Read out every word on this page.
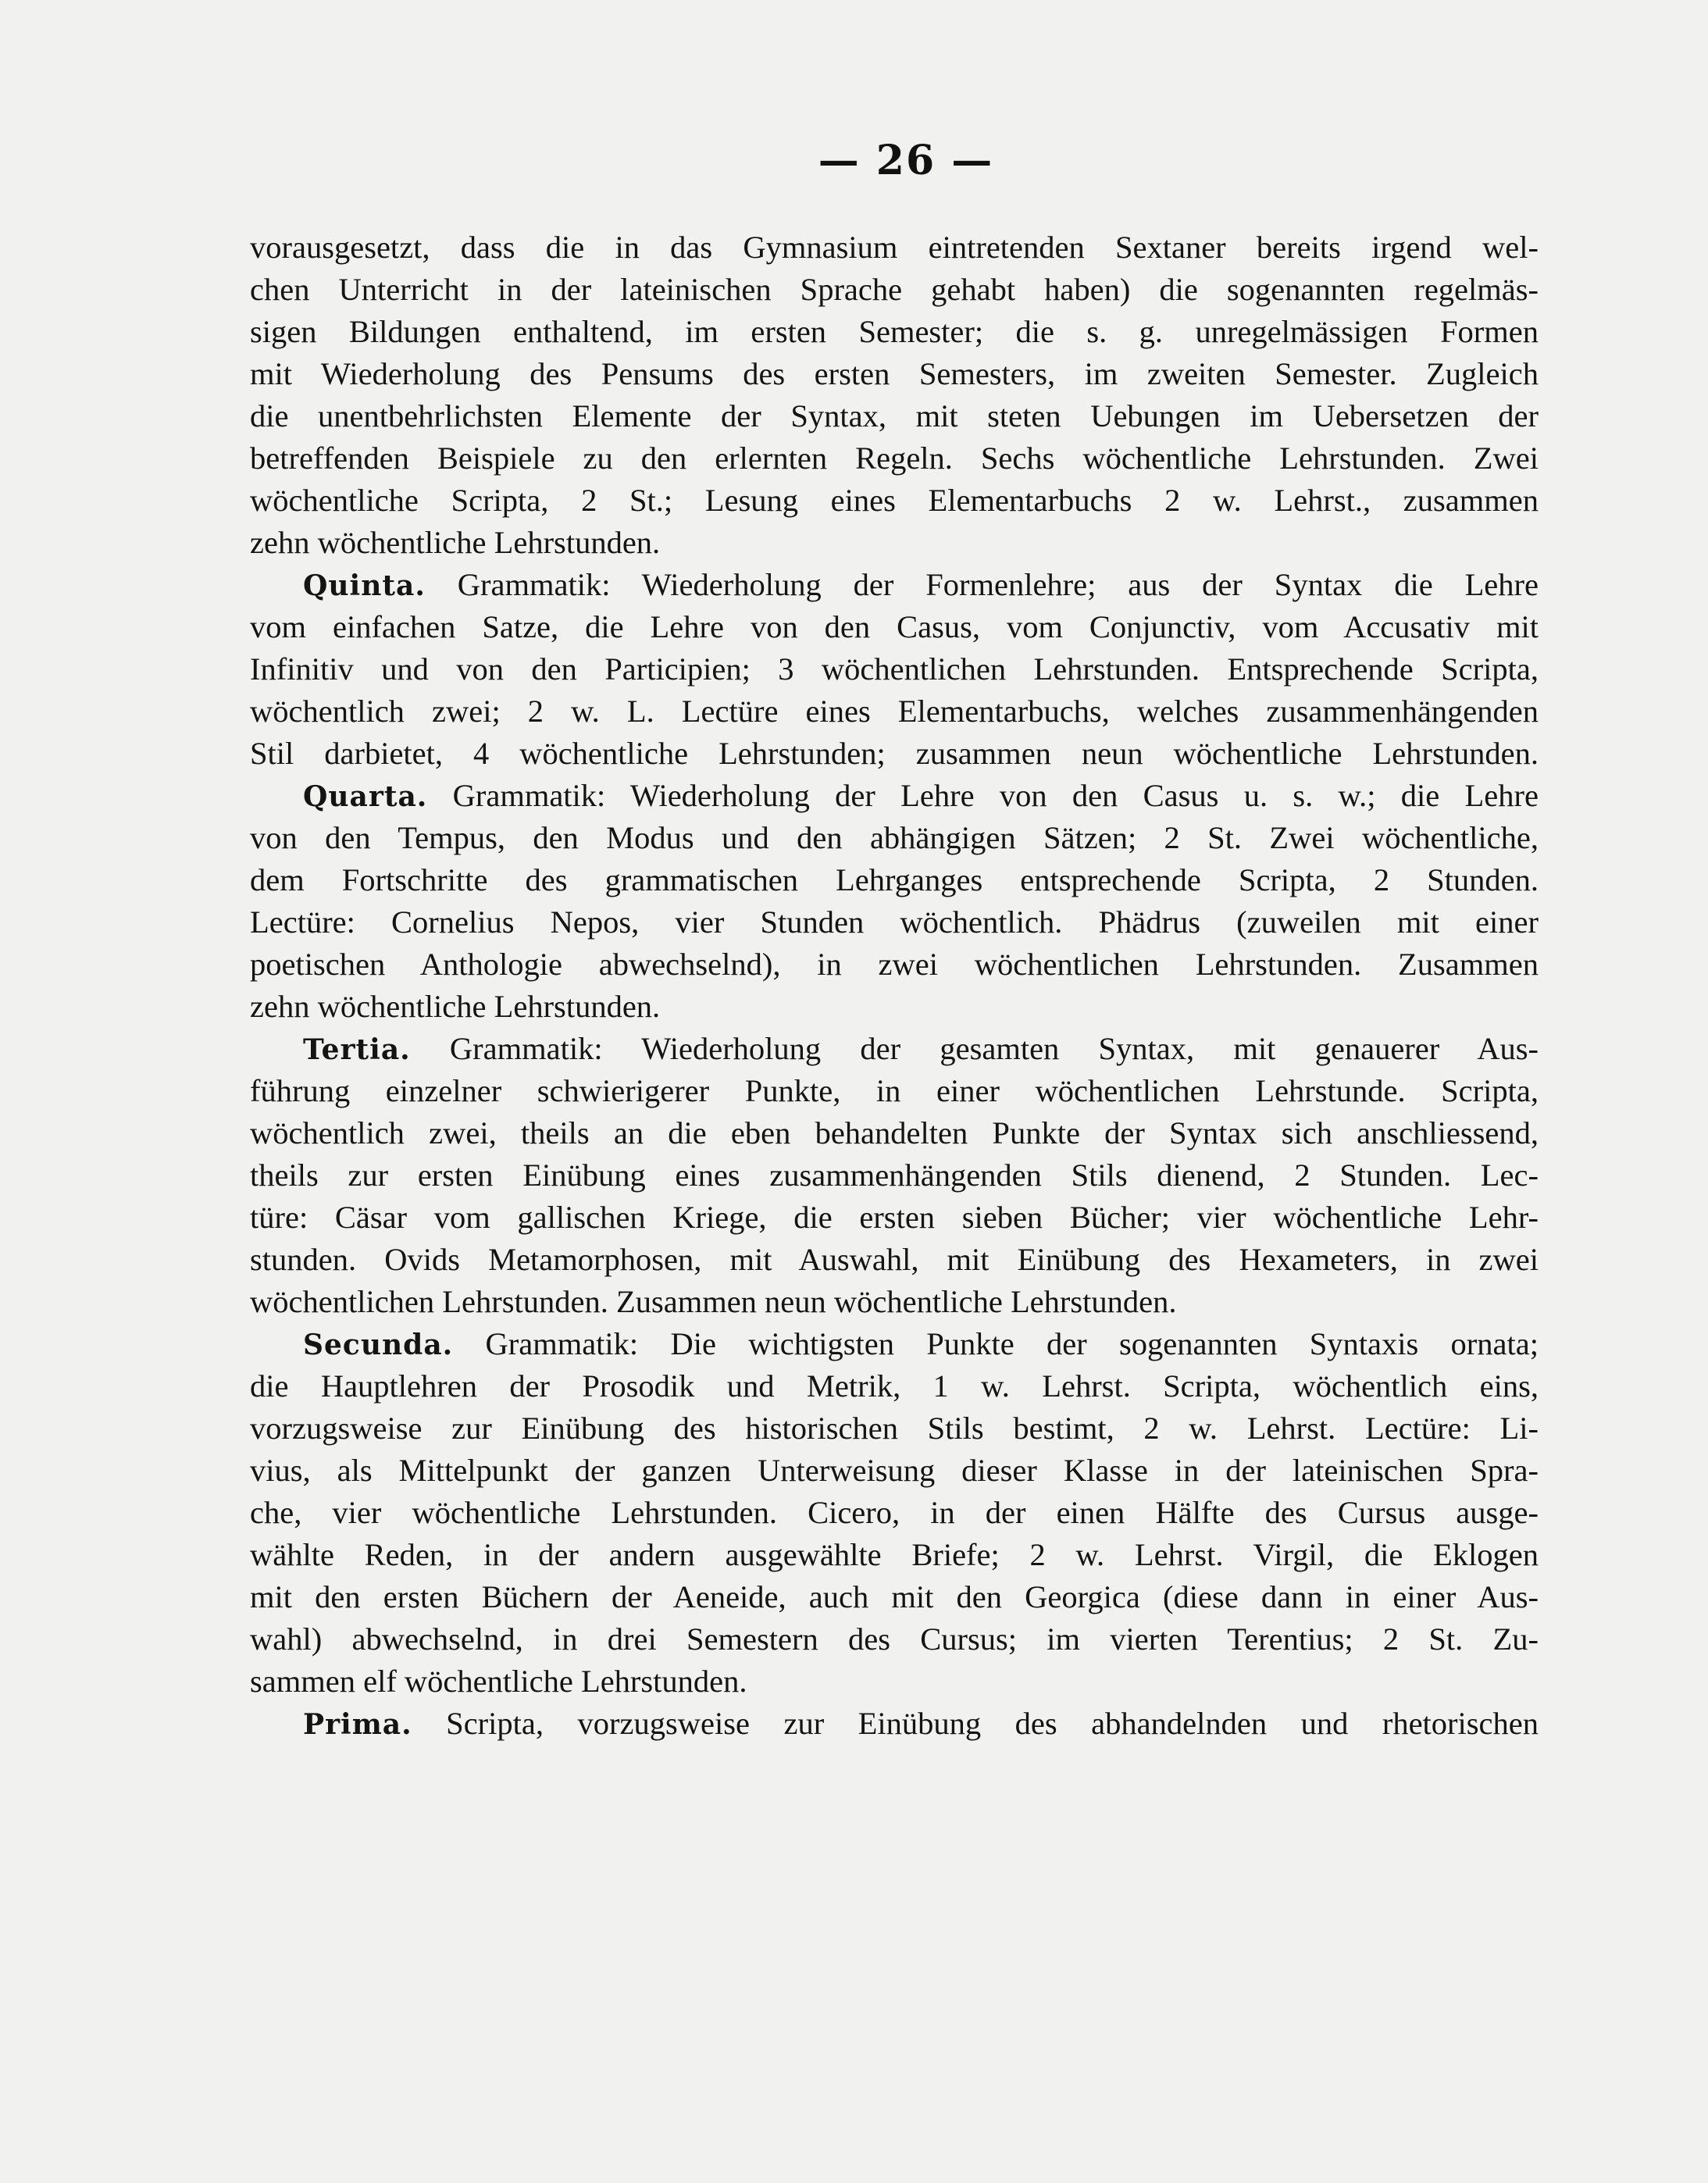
— 26 —
vorausgesetzt, dass die in das Gymnasium eintretenden Sextaner bereits irgend wel-
chen Unterricht in der lateinischen Sprache gehabt haben) die sogenannten regelmäs-
sigen Bildungen enthaltend, im ersten Semester; die s. g. unregelmässigen Formen
mit Wiederholung des Pensums des ersten Semesters, im zweiten Semester. Zugleich
die unentbehrlichsten Elemente der Syntax, mit steten Uebungen im Uebersetzen der
betreffenden Beispiele zu den erlernten Regeln. Sechs wöchentliche Lehrstunden. Zwei
wöchentliche Scripta, 2 St.; Lesung eines Elementarbuchs 2 w. Lehrst., zusammen
zehn wöchentliche Lehrstunden.
Quinta. Grammatik: Wiederholung der Formenlehre; aus der Syntax die Lehre
vom einfachen Satze, die Lehre von den Casus, vom Conjunctiv, vom Accusativ mit
Infinitiv und von den Participien; 3 wöchentlichen Lehrstunden. Entsprechende Scripta,
wöchentlich zwei; 2 w. L. Lectüre eines Elementarbuchs, welches zusammenhängenden
Stil darbietet, 4 wöchentliche Lehrstunden; zusammen neun wöchentliche Lehrstunden.
Quarta. Grammatik: Wiederholung der Lehre von den Casus u. s. w.; die Lehre
von den Tempus, den Modus und den abhängigen Sätzen; 2 St. Zwei wöchentliche,
dem Fortschritte des grammatischen Lehrganges entsprechende Scripta, 2 Stunden.
Lectüre: Cornelius Nepos, vier Stunden wöchentlich. Phädrus (zuweilen mit einer
poetischen Anthologie abwechselnd), in zwei wöchentlichen Lehrstunden. Zusammen
zehn wöchentliche Lehrstunden.
Tertia. Grammatik: Wiederholung der gesamten Syntax, mit genauerer Aus-
führung einzelner schwierigerer Punkte, in einer wöchentlichen Lehrstunde. Scripta,
wöchentlich zwei, theils an die eben behandelten Punkte der Syntax sich anschliessend,
theils zur ersten Einübung eines zusammenhängenden Stils dienend, 2 Stunden. Lec-
türe: Cäsar vom gallischen Kriege, die ersten sieben Bücher; vier wöchentliche Lehr-
stunden. Ovids Metamorphosen, mit Auswahl, mit Einübung des Hexameters, in zwei
wöchentlichen Lehrstunden. Zusammen neun wöchentliche Lehrstunden.
Secunda. Grammatik: Die wichtigsten Punkte der sogenannten Syntaxis ornata;
die Hauptlehren der Prosodik und Metrik, 1 w. Lehrst. Scripta, wöchentlich eins,
vorzugsweise zur Einübung des historischen Stils bestimt, 2 w. Lehrst. Lectüre: Li-
vius, als Mittelpunkt der ganzen Unterweisung dieser Klasse in der lateinischen Spra-
che, vier wöchentliche Lehrstunden. Cicero, in der einen Hälfte des Cursus ausge-
wählte Reden, in der andern ausgewählte Briefe; 2 w. Lehrst. Virgil, die Eklogen
mit den ersten Büchern der Aeneide, auch mit den Georgica (diese dann in einer Aus-
wahl) abwechselnd, in drei Semestern des Cursus; im vierten Terentius; 2 St. Zu-
sammen elf wöchentliche Lehrstunden.
Prima. Scripta, vorzugsweise zur Einübung des abhandelnden und rhetorischen
